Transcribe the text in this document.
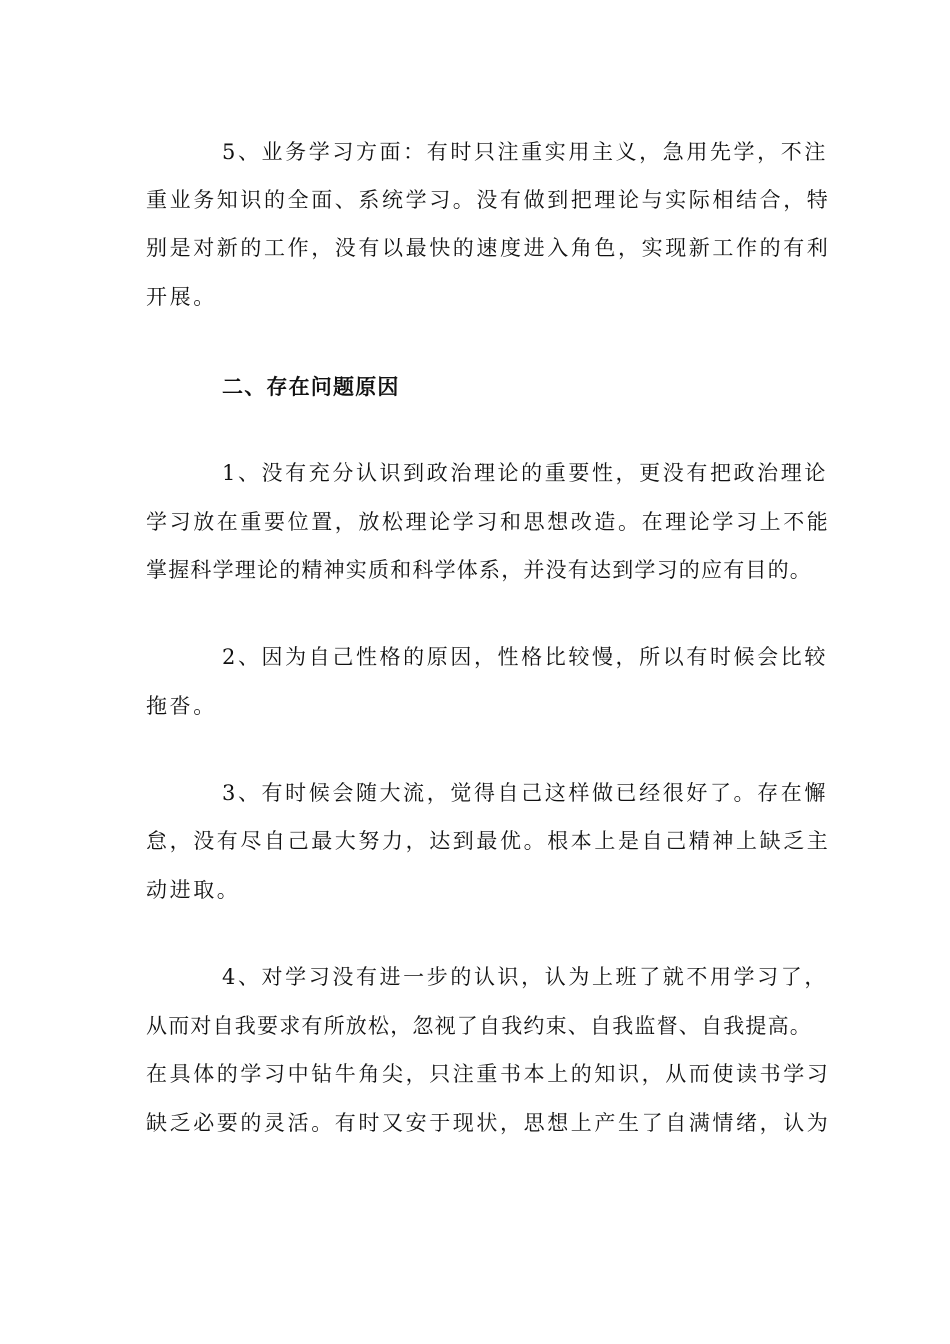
5、业务学习方面：有时只注重实用主义，急用先学，不注
重业务知识的全面、系统学习。没有做到把理论与实际相结合，特
别是对新的工作，没有以最快的速度进入角色，实现新工作的有利
开展。
二、存在问题原因
1、没有充分认识到政治理论的重要性，更没有把政治理论
学习放在重要位置，放松理论学习和思想改造。在理论学习上不能
掌握科学理论的精神实质和科学体系，并没有达到学习的应有目的。
2、因为自己性格的原因，性格比较慢，所以有时候会比较
拖沓。
3、有时候会随大流，觉得自己这样做已经很好了。存在懈
怠，没有尽自己最大努力，达到最优。根本上是自己精神上缺乏主
动进取。
4、对学习没有进一步的认识，认为上班了就不用学习了，
从而对自我要求有所放松，忽视了自我约束、自我监督、自我提高。
在具体的学习中钻牛角尖，只注重书本上的知识，从而使读书学习
缺乏必要的灵活。有时又安于现状，思想上产生了自满情绪，认为
